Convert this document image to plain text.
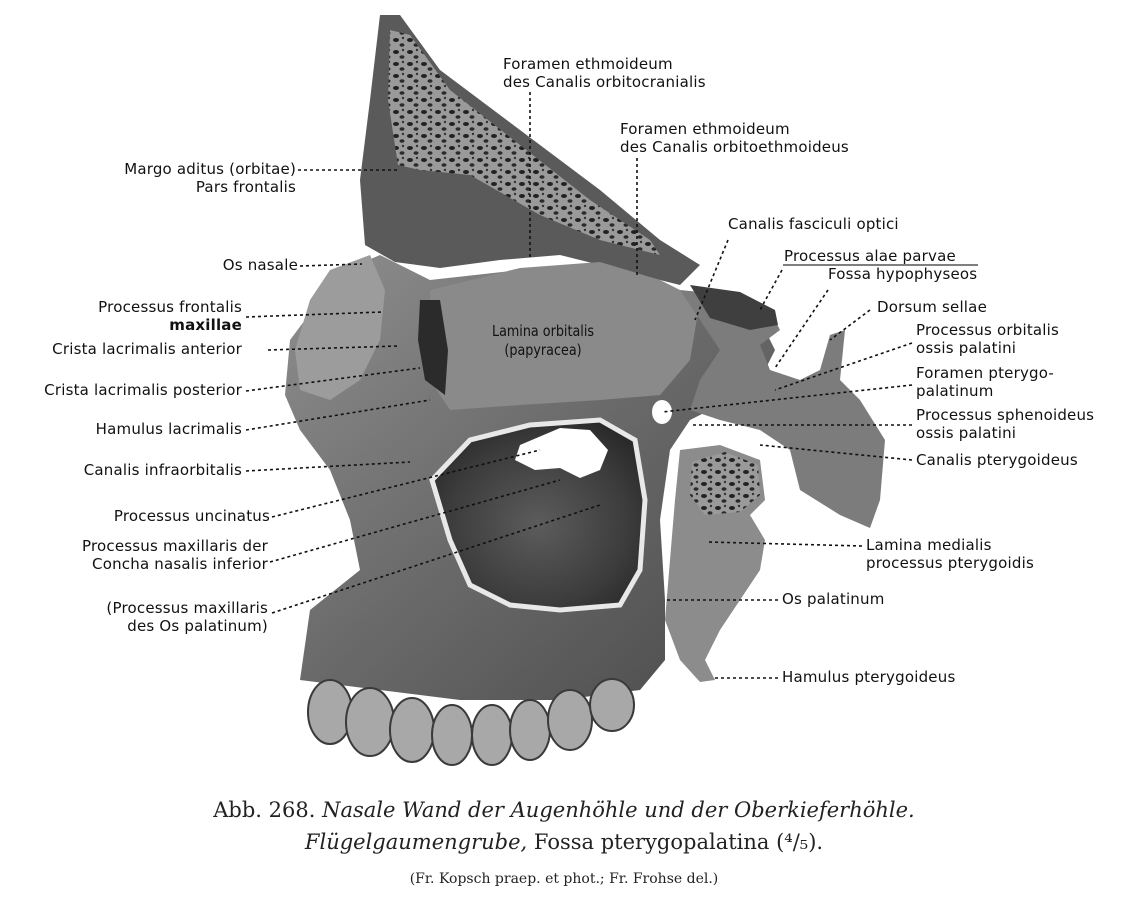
Lamina orbitalis
(papyracea)
Margo aditus (orbitae)
Pars frontalis
Os nasale
Processus frontalis
maxillae
Crista lacrimalis anterior
Crista lacrimalis posterior
Hamulus lacrimalis
Canalis infraorbitalis
Processus uncinatus
Processus maxillaris der
Concha nasalis inferior
(Processus maxillaris
des Os palatinum)
Foramen ethmoideum
des Canalis orbitocranialis
Foramen ethmoideum
des Canalis orbitoethmoideus
Canalis fasciculi optici
Processus alae parvae
Fossa hypophyseos
Dorsum sellae
Processus orbitalis
ossis palatini
Foramen pterygo-
palatinum
Processus sphenoideus
ossis palatini
Canalis pterygoideus
Lamina medialis
processus pterygoidis
Os palatinum
Hamulus pterygoideus
Abb. 268. Nasale Wand der Augenhöhle und der Oberkieferhöhle.
Flügelgaumengrube, Fossa pterygopalatina (⁴/₅).
(Fr. Kopsch praep. et phot.; Fr. Frohse del.)
